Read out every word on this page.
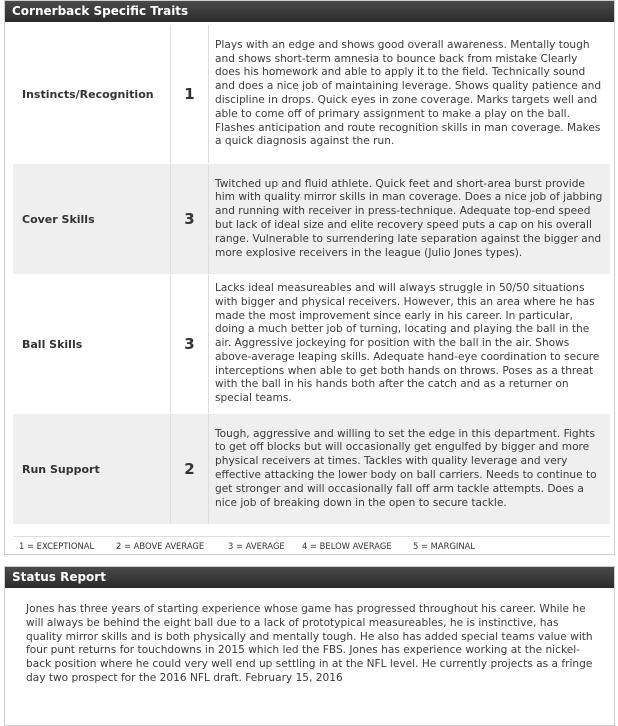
Cornerback Specific Traits
Instincts/Recognition	1	Plays with an edge and shows good overall awareness. Mentally tough and shows short-term amnesia to bounce back from mistake Clearly does his homework and able to apply it to the field. Technically sound and does a nice job of maintaining leverage. Shows quality patience and discipline in drops. Quick eyes in zone coverage. Marks targets well and able to come off of primary assignment to make a play on the ball. Flashes anticipation and route recognition skills in man coverage. Makes a quick diagnosis against the run.
Cover Skills	3	Twitched up and fluid athlete. Quick feet and short-area burst provide him with quality mirror skills in man coverage. Does a nice job of jabbing and running with receiver in press-technique. Adequate top-end speed but lack of ideal size and elite recovery speed puts a cap on his overall range. Vulnerable to surrendering late separation against the bigger and more explosive receivers in the league (Julio Jones types).
Ball Skills	3	Lacks ideal measureables and will always struggle in 50/50 situations with bigger and physical receivers. However, this an area where he has made the most improvement since early in his career. In particular, doing a much better job of turning, locating and playing the ball in the air. Aggressive jockeying for position with the ball in the air. Shows above-average leaping skills. Adequate hand-eye coordination to secure interceptions when able to get both hands on throws. Poses as a threat with the ball in his hands both after the catch and as a returner on special teams.
Run Support	2	Tough, aggressive and willing to set the edge in this department. Fights to get off blocks but will occasionally get engulfed by bigger and more physical receivers at times. Tackles with quality leverage and very effective attacking the lower body on ball carriers. Needs to continue to get stronger and will occasionally fall off arm tackle attempts. Does a nice job of breaking down in the open to secure tackle.
1 = EXCEPTIONAL	2 = ABOVE AVERAGE	3 = AVERAGE 4 = BELOW AVERAGE	5 = MARGINAL
Status Report
Jones has three years of starting experience whose game has progressed throughout his career. While he will always be behind the eight ball due to a lack of prototypical measureables, he is instinctive, has quality mirror skills and is both physically and mentally tough. He also has added special teams value with four punt returns for touchdowns in 2015 which led the FBS. Jones has experience working at the nickel-back position where he could very well end up settling in at the NFL level. He currently projects as a fringe day two prospect for the 2016 NFL draft. February 15, 2016
